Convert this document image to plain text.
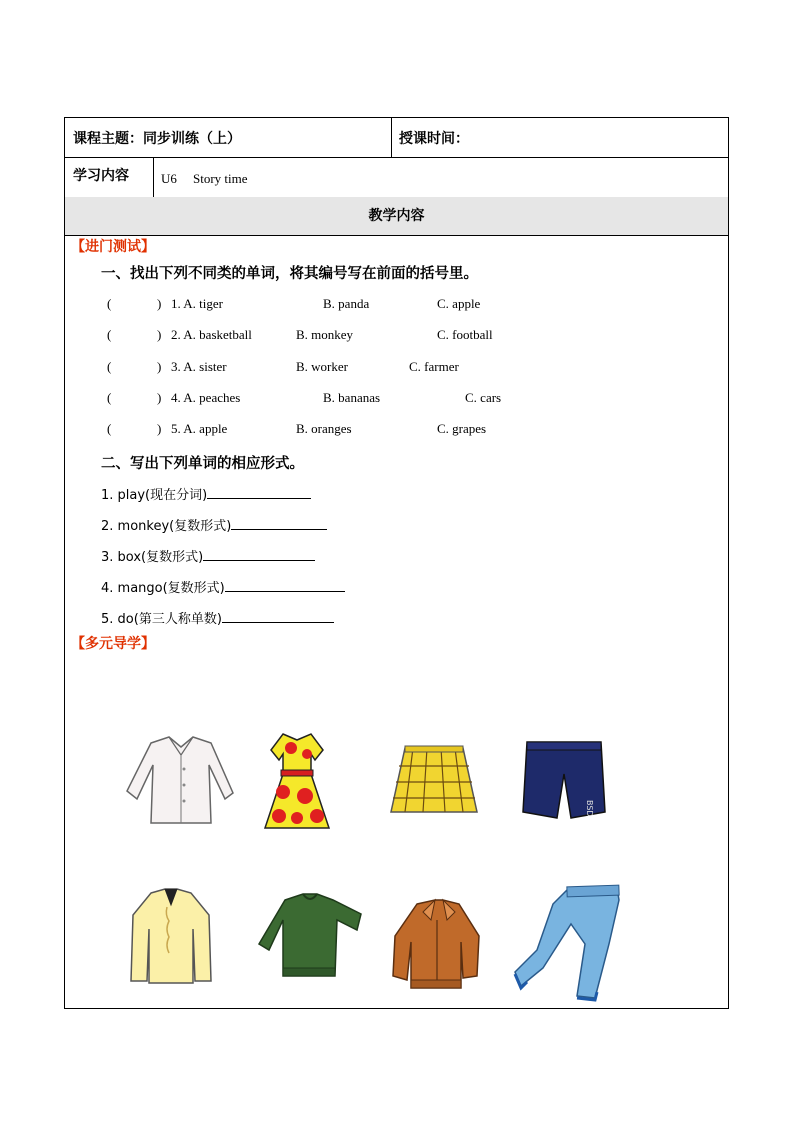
课程主题：同步训练（上）	授课时间：
学习内容 U6 Story time
教学内容
【进门测试】
一、找出下列不同类的单词，将其编号写在前面的括号里。
(	) 1. A. tiger	B. panda	C. apple
(	) 2. A. basketball	B. monkey	C. football
(	) 3. A. sister	B. worker	C. farmer
(	) 4. A. peaches	B. bananas	C. cars
(	) 5. A. apple	B. oranges	C. grapes
二、写出下列单词的相应形式。
1. play(现在分词)
2. monkey(复数形式)
3. box(复数形式)
4. mango(复数形式)
5. do(第三人称单数)
【多元导学】
BSD
